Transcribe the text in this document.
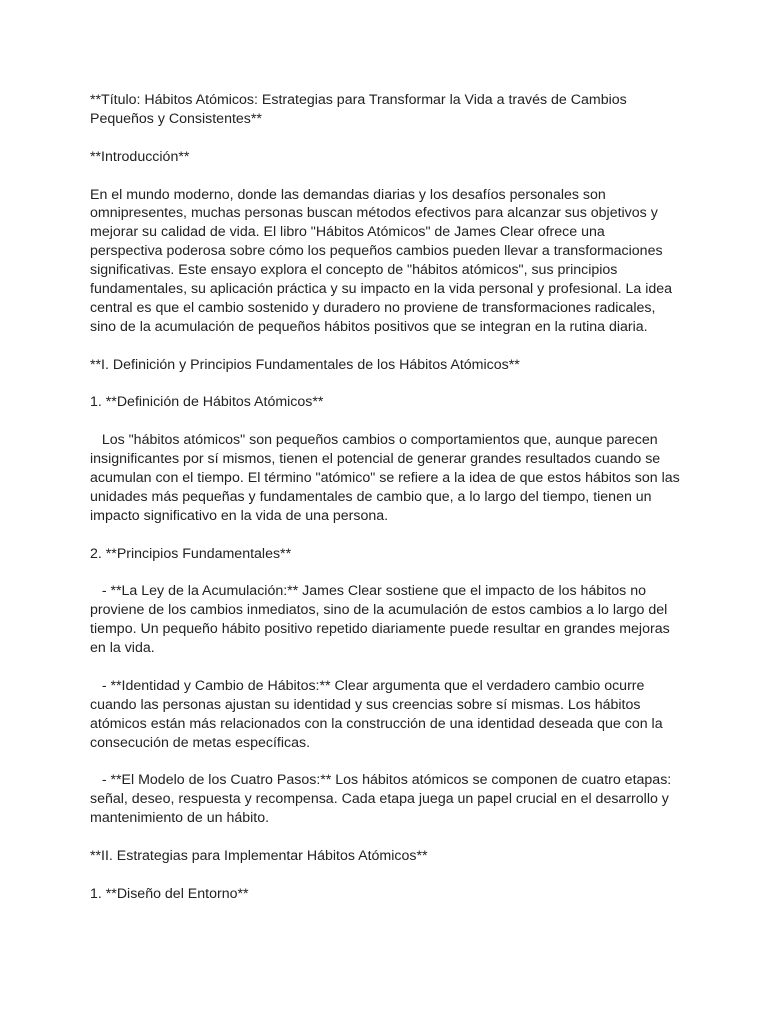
**Título: Hábitos Atómicos: Estrategias para Transformar la Vida a través de Cambios Pequeños y Consistentes**

**Introducción**

En el mundo moderno, donde las demandas diarias y los desafíos personales son omnipresentes, muchas personas buscan métodos efectivos para alcanzar sus objetivos y mejorar su calidad de vida. El libro "Hábitos Atómicos" de James Clear ofrece una perspectiva poderosa sobre cómo los pequeños cambios pueden llevar a transformaciones significativas. Este ensayo explora el concepto de "hábitos atómicos", sus principios fundamentales, su aplicación práctica y su impacto en la vida personal y profesional. La idea central es que el cambio sostenido y duradero no proviene de transformaciones radicales, sino de la acumulación de pequeños hábitos positivos que se integran en la rutina diaria.

**I. Definición y Principios Fundamentales de los Hábitos Atómicos**

1. **Definición de Hábitos Atómicos**

Los "hábitos atómicos" son pequeños cambios o comportamientos que, aunque parecen insignificantes por sí mismos, tienen el potencial de generar grandes resultados cuando se acumulan con el tiempo. El término "atómico" se refiere a la idea de que estos hábitos son las unidades más pequeñas y fundamentales de cambio que, a lo largo del tiempo, tienen un impacto significativo en la vida de una persona.

2. **Principios Fundamentales**

- **La Ley de la Acumulación:** James Clear sostiene que el impacto de los hábitos no proviene de los cambios inmediatos, sino de la acumulación de estos cambios a lo largo del tiempo. Un pequeño hábito positivo repetido diariamente puede resultar en grandes mejoras en la vida.

- **Identidad y Cambio de Hábitos:** Clear argumenta que el verdadero cambio ocurre cuando las personas ajustan su identidad y sus creencias sobre sí mismas. Los hábitos atómicos están más relacionados con la construcción de una identidad deseada que con la consecución de metas específicas.

- **El Modelo de los Cuatro Pasos:** Los hábitos atómicos se componen de cuatro etapas: señal, deseo, respuesta y recompensa. Cada etapa juega un papel crucial en el desarrollo y mantenimiento de un hábito.

**II. Estrategias para Implementar Hábitos Atómicos**

1. **Diseño del Entorno**
